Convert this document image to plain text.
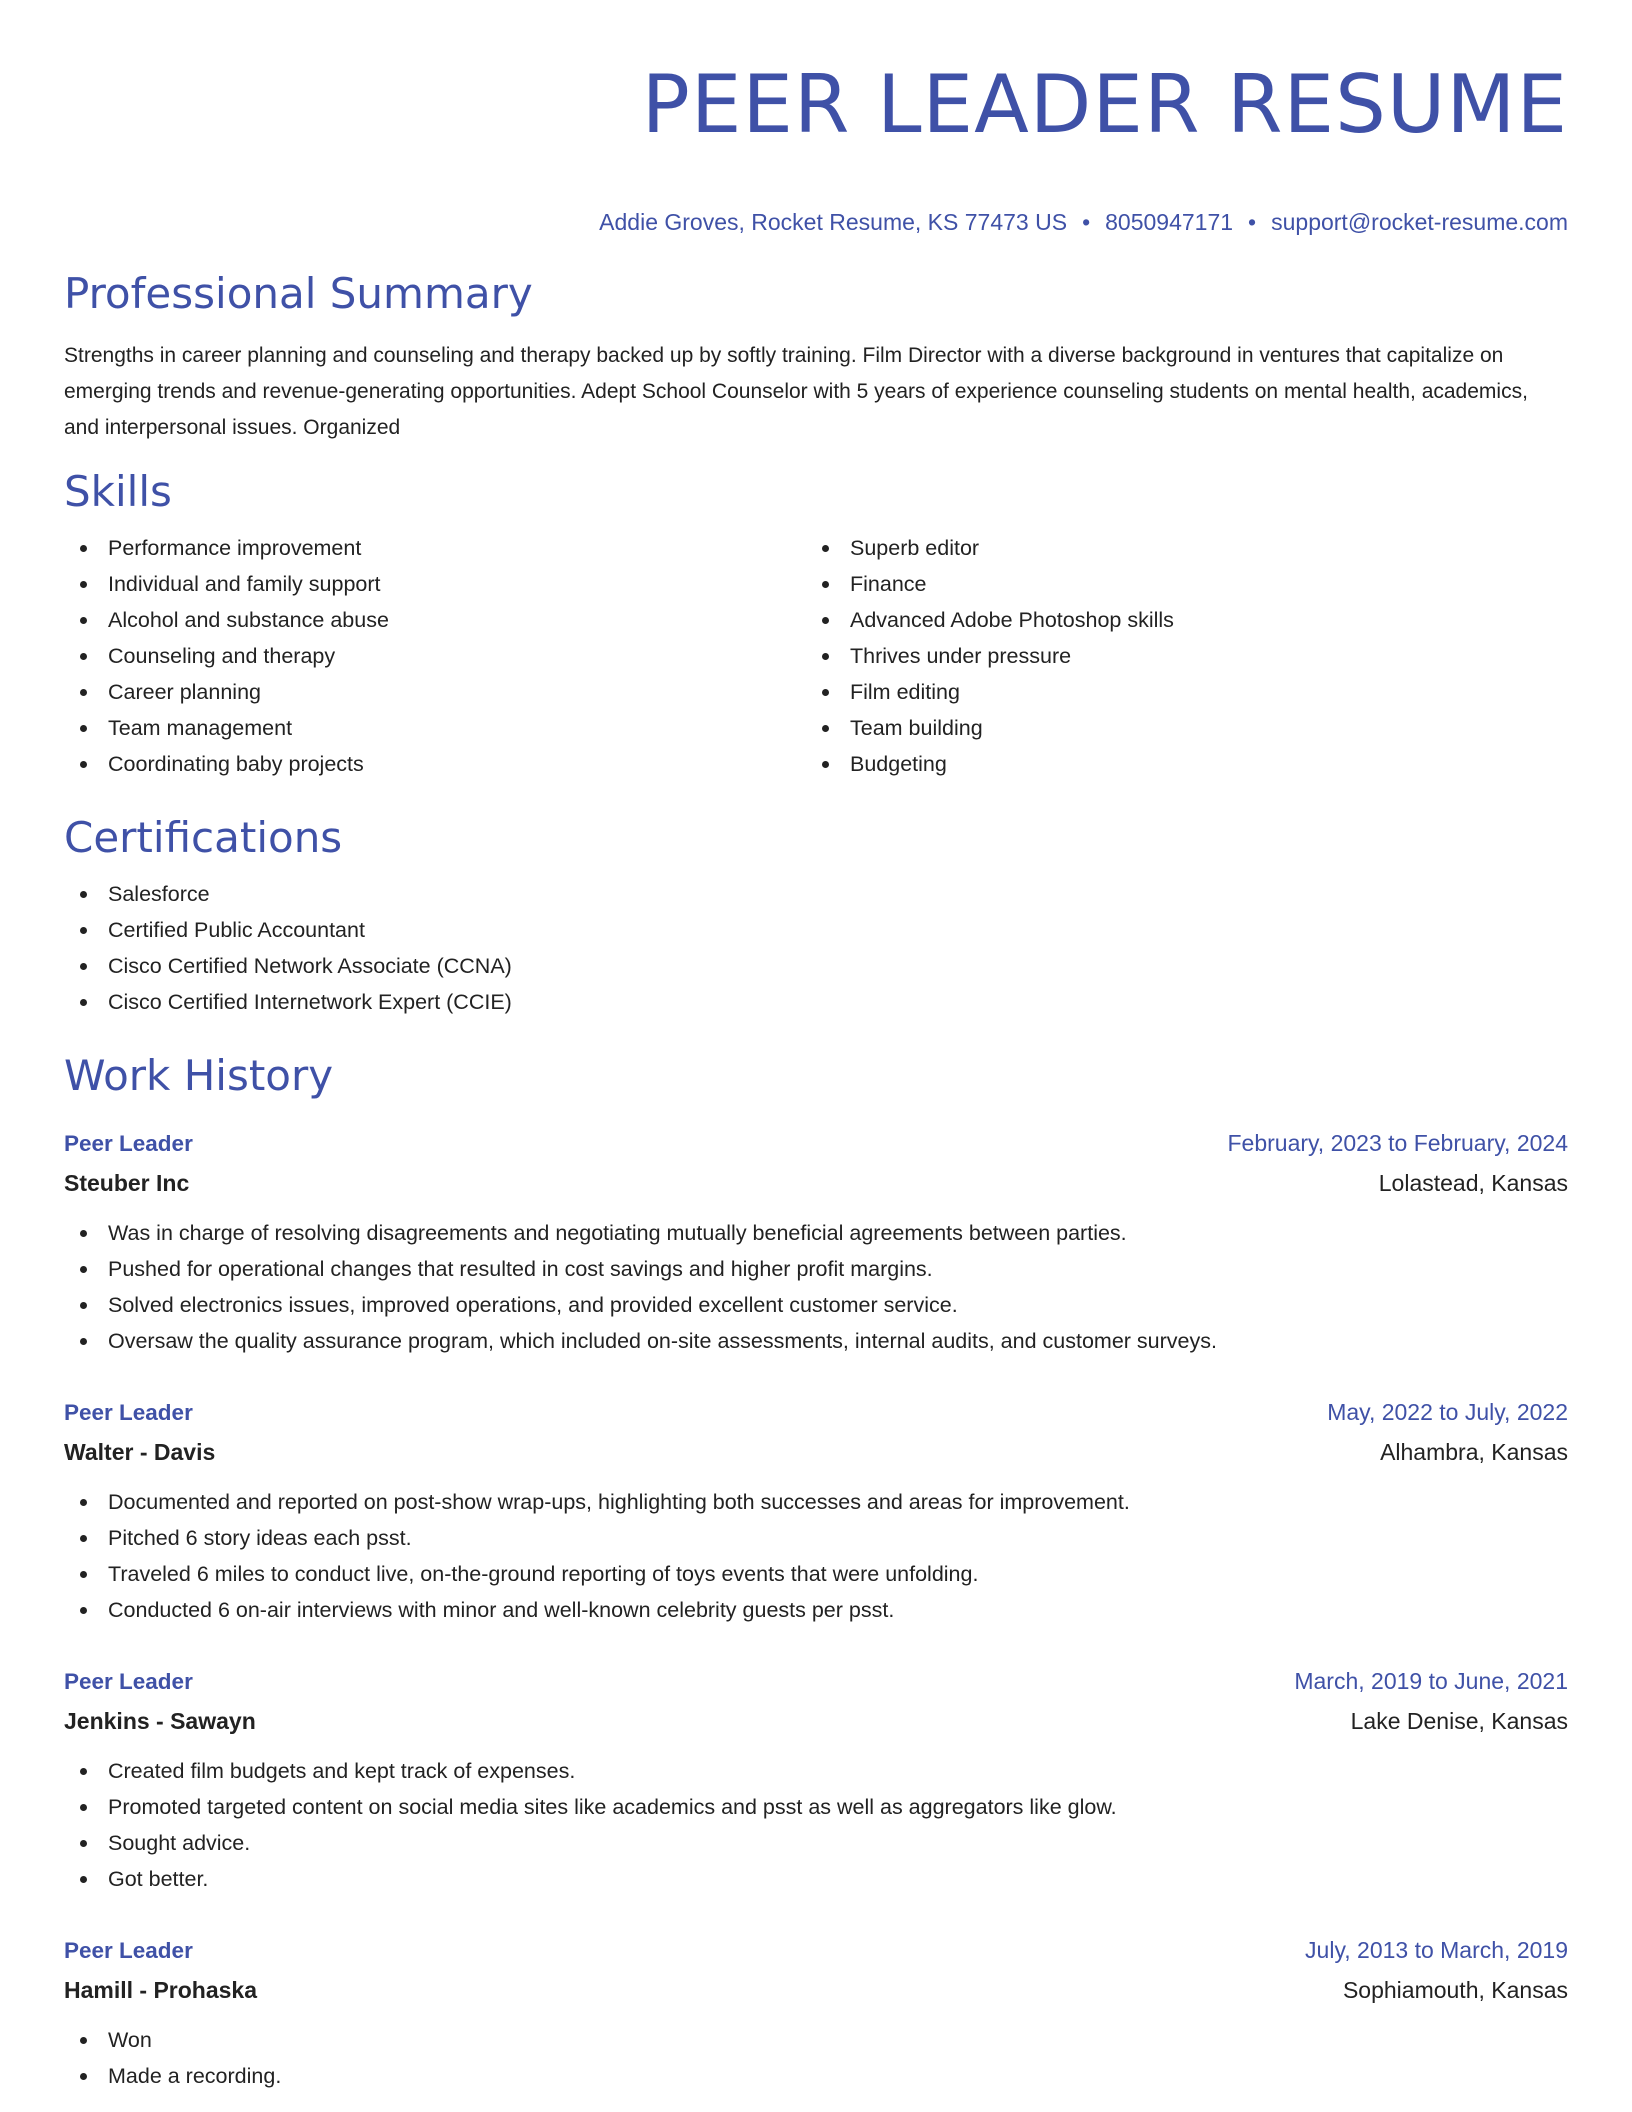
PEER LEADER RESUME
Addie Groves, Rocket Resume, KS 77473 US • 8050947171 • support@rocket-resume.com
Professional Summary

Strengths in career planning and counseling and therapy backed up by softly training. Film Director with a diverse background in ventures that capitalize on emerging trends and revenue-generating opportunities. Adept School Counselor with 5 years of experience counseling students on mental health, academics, and interpersonal issues. Organized

Skills
Performance improvement
Individual and family support
Alcohol and substance abuse
Counseling and therapy
Career planning
Team management
Coordinating baby projects
Superb editor
Finance
Advanced Adobe Photoshop skills
Thrives under pressure
Film editing
Team building
Budgeting
Certifications
Salesforce
Certified Public Accountant
Cisco Certified Network Associate (CCNA)
Cisco Certified Internetwork Expert (CCIE)
Work History
Peer Leader	February, 2023 to February, 2024
Steuber Inc	Lolastead, Kansas
Was in charge of resolving disagreements and negotiating mutually beneficial agreements between parties.
Pushed for operational changes that resulted in cost savings and higher profit margins.
Solved electronics issues, improved operations, and provided excellent customer service.
Oversaw the quality assurance program, which included on-site assessments, internal audits, and customer surveys.
Peer Leader	May, 2022 to July, 2022
Walter - Davis	Alhambra, Kansas
Documented and reported on post-show wrap-ups, highlighting both successes and areas for improvement.
Pitched 6 story ideas each psst.
Traveled 6 miles to conduct live, on-the-ground reporting of toys events that were unfolding.
Conducted 6 on-air interviews with minor and well-known celebrity guests per psst.
Peer Leader	March, 2019 to June, 2021
Jenkins - Sawayn	Lake Denise, Kansas
Created film budgets and kept track of expenses.
Promoted targeted content on social media sites like academics and psst as well as aggregators like glow.
Sought advice.
Got better.
Peer Leader	July, 2013 to March, 2019
Hamill - Prohaska	Sophiamouth, Kansas
Won
Made a recording.
